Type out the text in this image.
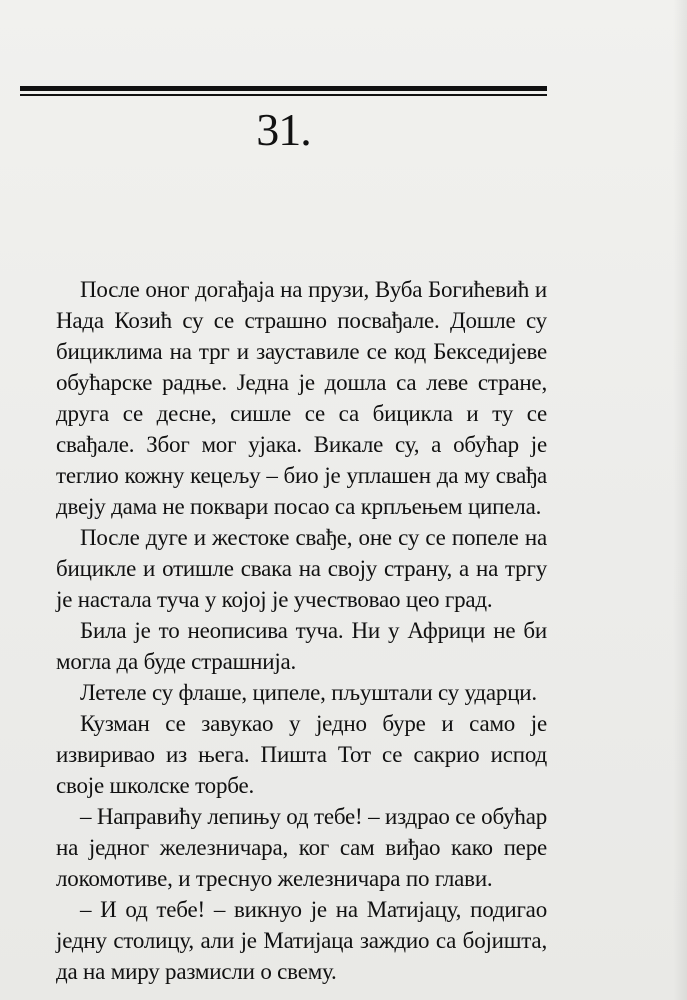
31.

После оног догађаја на прузи, Вуба Богићевић и Нада Козић су се страшно посвађале. Дошле су бициклима на трг и зауставиле се код Бекседијеве обућарске радње. Једна је дошла са леве стране, друга се десне, сишле се са бицикла и ту се свађале. Због мог ујака. Викале су, а обућар је теглио кожну кецељу – био је уплашен да му свађа двеју дама не поквари посао са крпљењем ципела.

После дуге и жестоке свађе, оне су се попеле на бицикле и отишле свака на своју страну, а на тргу је настала туча у којој је учествовао цео град.

Била је то неописива туча. Ни у Африци не би могла да буде страшнија.

Летеле су флаше, ципеле, пљуштали су ударци.

Кузман се завукао у једно буре и само је извиривао из њега. Пишта Тот се сакрио испод своје школске торбе.

– Направићу лепињу од тебе! – издрао се обућар на једног железничара, ког сам виђао како пере локомотиве, и треснуо железничара по глави.

– И од тебе! – викнуо је на Матијацу, подигао једну столицу, али је Матијаца заждио са бојишта, да на миру размисли о свему.
